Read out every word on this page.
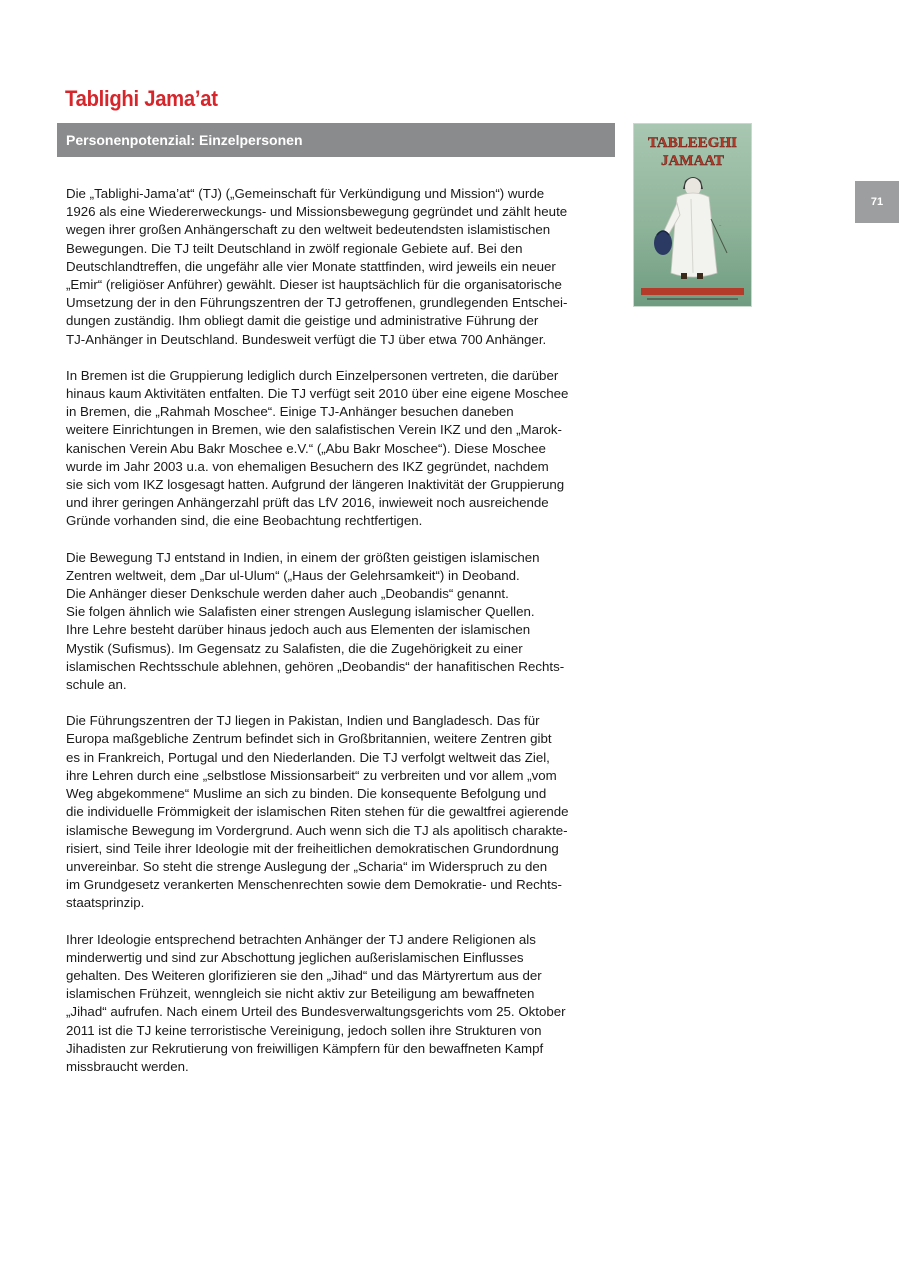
Tablighi Jama’at
Personenpotenzial: Einzelpersonen
71
TABLEEGHI
JAMAAT
~

Die „Tablighi-Jama’at“ (TJ) („Gemeinschaft für Verkündigung und Mission“) wurde
1926 als eine Wiedererweckungs- und Missionsbewegung gegründet und zählt heute
wegen ihrer großen Anhängerschaft zu den weltweit bedeutendsten islamistischen
Bewegungen. Die TJ teilt Deutschland in zwölf regionale Gebiete auf. Bei den
Deutschlandtreffen, die ungefähr alle vier Monate stattfinden, wird jeweils ein neuer
„Emir“ (religiöser Anführer) gewählt. Dieser ist hauptsächlich für die organisatorische
Umsetzung der in den Führungszentren der TJ getroffenen, grundlegenden Entschei-
dungen zuständig. Ihm obliegt damit die geistige und administrative Führung der
TJ-Anhänger in Deutschland. Bundesweit verfügt die TJ über etwa 700 Anhänger.

In Bremen ist die Gruppierung lediglich durch Einzelpersonen vertreten, die darüber
hinaus kaum Aktivitäten entfalten. Die TJ verfügt seit 2010 über eine eigene Moschee
in Bremen, die „Rahmah Moschee“. Einige TJ-Anhänger besuchen daneben
weitere Einrichtungen in Bremen, wie den salafistischen Verein IKZ und den „Marok-
kanischen Verein Abu Bakr Moschee e.V.“ („Abu Bakr Moschee“). Diese Moschee
wurde im Jahr 2003 u.a. von ehemaligen Besuchern des IKZ gegründet, nachdem
sie sich vom IKZ losgesagt hatten. Aufgrund der längeren Inaktivität der Gruppierung
und ihrer geringen Anhängerzahl prüft das LfV 2016, inwieweit noch ausreichende
Gründe vorhanden sind, die eine Beobachtung rechtfertigen.

Die Bewegung TJ entstand in Indien, in einem der größten geistigen islamischen
Zentren weltweit, dem „Dar ul-Ulum“ („Haus der Gelehrsamkeit“) in Deoband.
Die Anhänger dieser Denkschule werden daher auch „Deobandis“ genannt.
Sie folgen ähnlich wie Salafisten einer strengen Auslegung islamischer Quellen.
Ihre Lehre besteht darüber hinaus jedoch auch aus Elementen der islamischen
Mystik (Sufismus). Im Gegensatz zu Salafisten, die die Zugehörigkeit zu einer
islamischen Rechtsschule ablehnen, gehören „Deobandis“ der hanafitischen Rechts-
schule an.

Die Führungszentren der TJ liegen in Pakistan, Indien und Bangladesch. Das für
Europa maßgebliche Zentrum befindet sich in Großbritannien, weitere Zentren gibt
es in Frankreich, Portugal und den Niederlanden. Die TJ verfolgt weltweit das Ziel,
ihre Lehren durch eine „selbstlose Missionsarbeit“ zu verbreiten und vor allem „vom
Weg abgekommene“ Muslime an sich zu binden. Die konsequente Befolgung und
die individuelle Frömmigkeit der islamischen Riten stehen für die gewaltfrei agierende
islamische Bewegung im Vordergrund. Auch wenn sich die TJ als apolitisch charakte-
risiert, sind Teile ihrer Ideologie mit der freiheitlichen demokratischen Grundordnung
unvereinbar. So steht die strenge Auslegung der „Scharia“ im Widerspruch zu den
im Grundgesetz verankerten Menschenrechten sowie dem Demokratie- und Rechts-
staatsprinzip.

Ihrer Ideologie entsprechend betrachten Anhänger der TJ andere Religionen als
minderwertig und sind zur Abschottung jeglichen außerislamischen Einflusses
gehalten. Des Weiteren glorifizieren sie den „Jihad“ und das Märtyrertum aus der
islamischen Frühzeit, wenngleich sie nicht aktiv zur Beteiligung am bewaffneten
„Jihad“ aufrufen. Nach einem Urteil des Bundesverwaltungsgerichts vom 25. Oktober
2011 ist die TJ keine terroristische Vereinigung, jedoch sollen ihre Strukturen von
Jihadisten zur Rekrutierung von freiwilligen Kämpfern für den bewaffneten Kampf
missbraucht werden.
